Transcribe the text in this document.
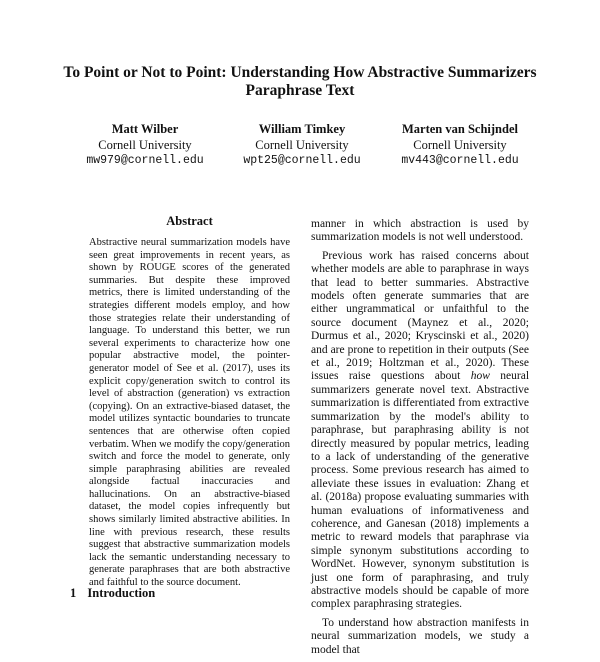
To Point or Not to Point: Understanding How Abstractive Summarizers Paraphrase Text
Matt Wilber
Cornell University
mw979@cornell.edu
William Timkey
Cornell University
wpt25@cornell.edu
Marten van Schijndel
Cornell University
mv443@cornell.edu
Abstract

Abstractive neural summarization models have seen great improvements in recent years, as shown by ROUGE scores of the generated summaries. But despite these improved metrics, there is limited understanding of the strategies different models employ, and how those strategies relate their understanding of language. To understand this better, we run several experiments to characterize how one popular abstractive model, the pointer-generator model of See et al. (2017), uses its explicit copy/generation switch to control its level of abstraction (generation) vs extraction (copying). On an extractive-biased dataset, the model utilizes syntactic boundaries to truncate sentences that are otherwise often copied verbatim. When we modify the copy/generation switch and force the model to generate, only simple paraphrasing abilities are revealed alongside factual inaccuracies and hallucinations. On an abstractive-biased dataset, the model copies infrequently but shows similarly limited abstractive abilities. In line with previous research, these results suggest that abstractive summarization models lack the semantic understanding necessary to generate paraphrases that are both abstractive and faithful to the source document.

1 Introduction

manner in which abstraction is used by summarization models is not well understood.

Previous work has raised concerns about whether models are able to paraphrase in ways that lead to better summaries. Abstractive models often generate summaries that are either ungrammatical or unfaithful to the source document (Maynez et al., 2020; Durmus et al., 2020; Kryscinski et al., 2020) and are prone to repetition in their outputs (See et al., 2019; Holtzman et al., 2020). These issues raise questions about how neural summarizers generate novel text. Abstractive summarization is differentiated from extractive summarization by the model's ability to paraphrase, but paraphrasing ability is not directly measured by popular metrics, leading to a lack of understanding of the generative process. Some previous research has aimed to alleviate these issues in evaluation: Zhang et al. (2018a) propose evaluating summaries with human evaluations of informativeness and coherence, and Ganesan (2018) implements a metric to reward models that paraphrase via simple synonym substitutions according to WordNet. However, synonym substitution is just one form of paraphrasing, and truly abstractive models should be capable of more complex paraphrasing strategies.

To understand how abstraction manifests in neural summarization models, we study a model that
